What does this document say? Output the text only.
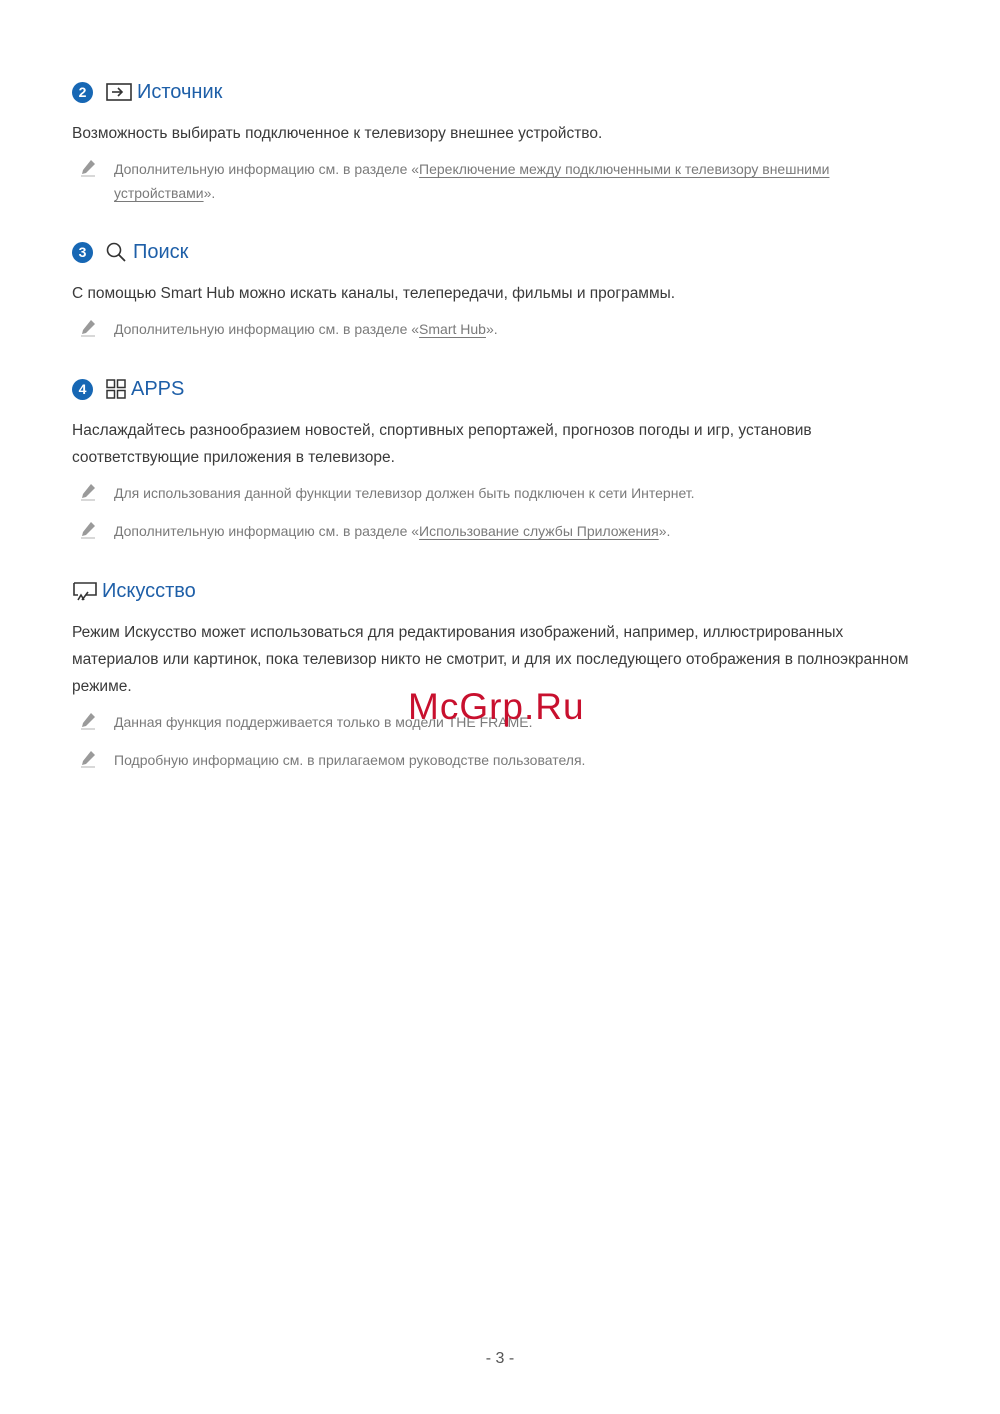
2	Источник
Возможность выбирать подключенное к телевизору внешнее устройство.
Дополнительную информацию см. в разделе «Переключение между подключенными к телевизору внешними устройствами».
3	Поиск
С помощью Smart Hub можно искать каналы, телепередачи, фильмы и программы.
Дополнительную информацию см. в разделе «Smart Hub».
4	APPS
Наслаждайтесь разнообразием новостей, спортивных репортажей, прогнозов погоды и игр, установив соответствующие приложения в телевизоре.
Для использования данной функции телевизор должен быть подключен к сети Интернет.
Дополнительную информацию см. в разделе «Использование службы Приложения».
Искусство
Режим Искусство может использоваться для редактирования изображений, например, иллюстрированных материалов или картинок, пока телевизор никто не смотрит, и для их последующего отображения в полноэкранном режиме.
Данная функция поддерживается только в модели THE FRAME.
Подробную информацию см. в прилагаемом руководстве пользователя.
McGrp.Ru
- 3 -
